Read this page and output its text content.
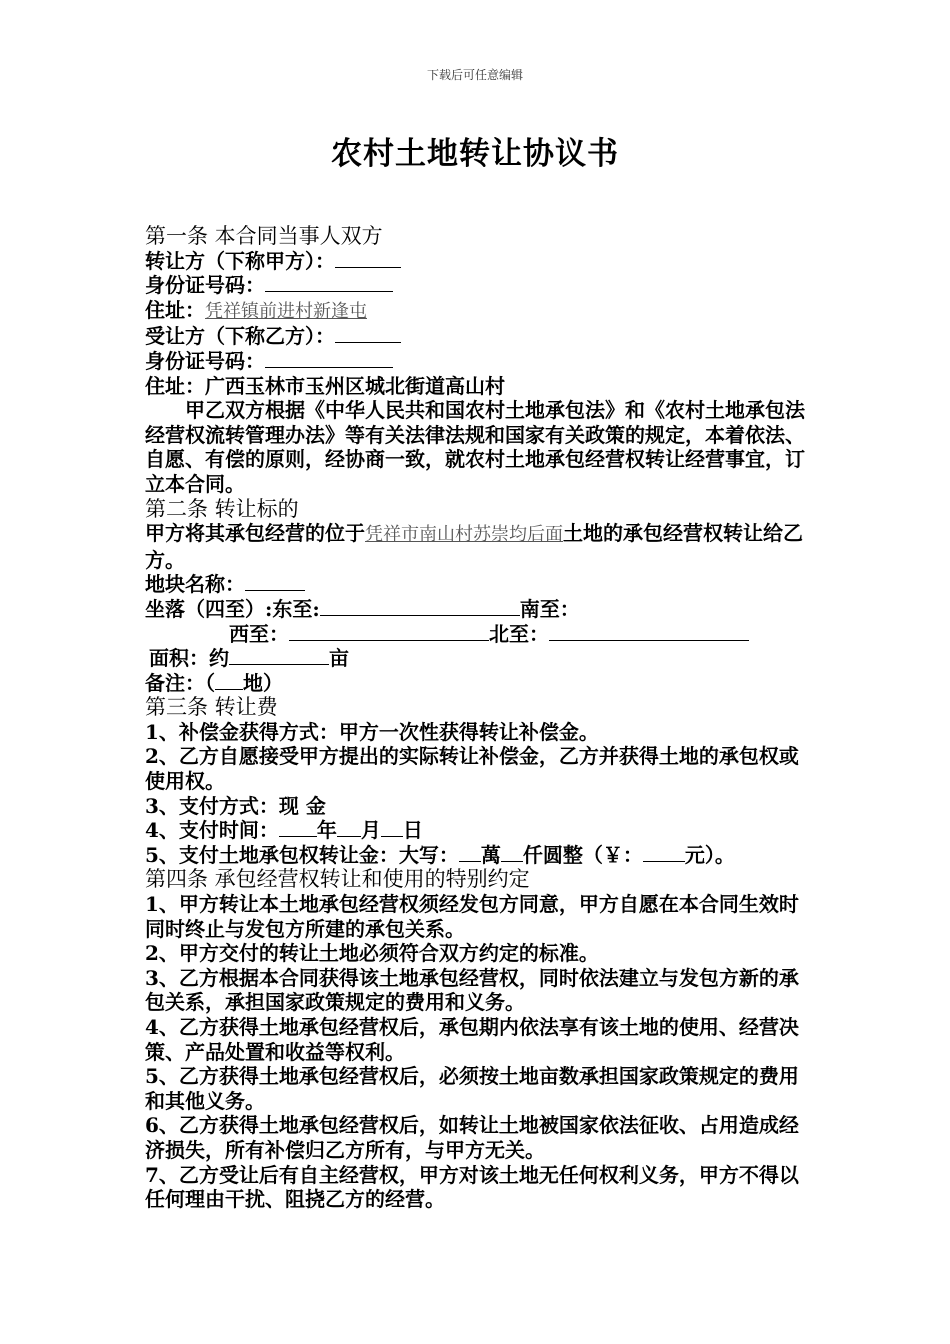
下载后可任意编辑
农村土地转让协议书
第一条 本合同当事人双方
转让方（下称甲方）：
身份证号码：
住址：凭祥镇前进村新逢屯
受让方（下称乙方）：
身份证号码：
住址：广西玉林市玉州区城北街道高山村
甲乙双方根据《中华人民共和国农村土地承包法》和《农村土地承包法经营权流转管理办法》等有关法律法规和国家有关政策的规定，本着依法、自愿、有偿的原则，经协商一致，就农村土地承包经营权转让经营事宜，订立本合同。
第二条 转让标的
甲方将其承包经营的位于凭祥市南山村苏崇均后面土地的承包经营权转让给乙方。
地块名称：
坐落（四至）:东至:	南至：
西至：	北至：
面积：约	亩
备注：（ 地）
第三条 转让费
1、补偿金获得方式：甲方一次性获得转让补偿金。
2、乙方自愿接受甲方提出的实际转让补偿金，乙方并获得土地的承包权或使用权。
3、支付方式：现 金
4、支付时间： 年 月 日
5、支付土地承包权转让金：大写： 萬 仟圆整（￥： 元）。
第四条 承包经营权转让和使用的特别约定
1、甲方转让本土地承包经营权须经发包方同意，甲方自愿在本合同生效时同时终止与发包方所建的承包关系。
2、甲方交付的转让土地必须符合双方约定的标准。
3、乙方根据本合同获得该土地承包经营权，同时依法建立与发包方新的承包关系，承担国家政策规定的费用和义务。
4、乙方获得土地承包经营权后，承包期内依法享有该土地的使用、经营决策、产品处置和收益等权利。
5、乙方获得土地承包经营权后，必须按土地亩数承担国家政策规定的费用和其他义务。
6、乙方获得土地承包经营权后，如转让土地被国家依法征收、占用造成经济损失，所有补偿归乙方所有，与甲方无关。
7、乙方受让后有自主经营权，甲方对该土地无任何权利义务，甲方不得以任何理由干扰、阻挠乙方的经营。
